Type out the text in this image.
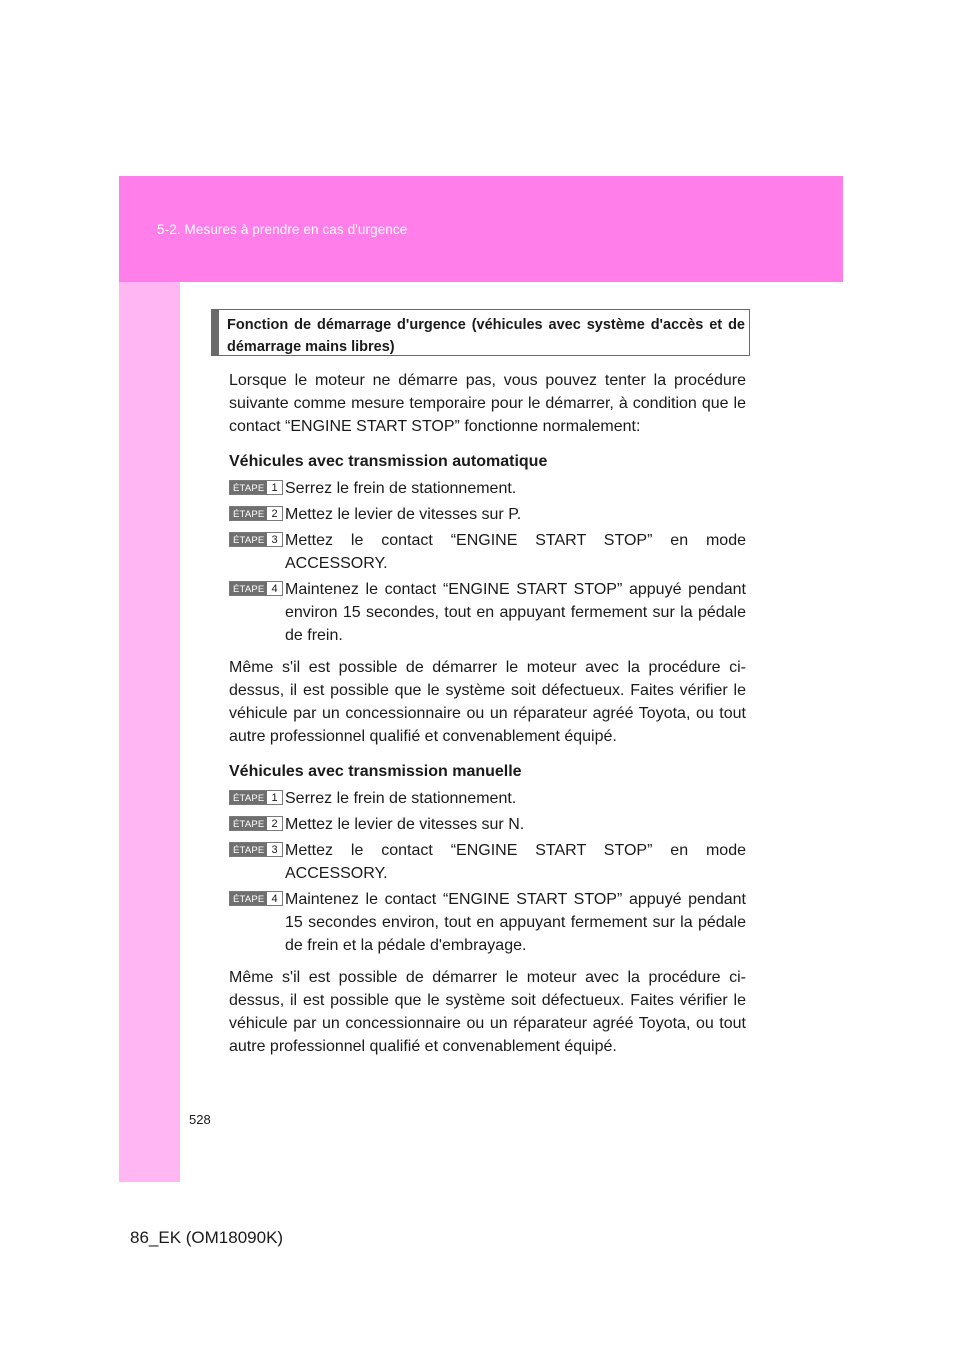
5-2. Mesures à prendre en cas d'urgence
Fonction de démarrage d'urgence (véhicules avec système d'accès et de démarrage mains libres)

Lorsque le moteur ne démarre pas, vous pouvez tenter la procédure suivante comme mesure temporaire pour le démarrer, à condition que le contact “ENGINE START STOP” fonctionne normalement:

Véhicules avec transmission automatique

ÉTAPE 1 Serrez le frein de stationnement.
ÉTAPE 2 Mettez le levier de vitesses sur P.
ÉTAPE 3 Mettez le contact “ENGINE START STOP” en mode ACCESSORY.
ÉTAPE 4 Maintenez le contact “ENGINE START STOP” appuyé pendant environ 15 secondes, tout en appuyant fermement sur la pédale de frein.

Même s'il est possible de démarrer le moteur avec la procédure ci-dessus, il est possible que le système soit défectueux. Faites vérifier le véhicule par un concessionnaire ou un réparateur agréé Toyota, ou tout autre professionnel qualifié et convenablement équipé.

Véhicules avec transmission manuelle

ÉTAPE 1 Serrez le frein de stationnement.
ÉTAPE 2 Mettez le levier de vitesses sur N.
ÉTAPE 3 Mettez le contact “ENGINE START STOP” en mode ACCESSORY.
ÉTAPE 4 Maintenez le contact “ENGINE START STOP” appuyé pendant 15 secondes environ, tout en appuyant fermement sur la pédale de frein et la pédale d'embrayage.

Même s'il est possible de démarrer le moteur avec la procédure ci-dessus, il est possible que le système soit défectueux. Faites vérifier le véhicule par un concessionnaire ou un réparateur agréé Toyota, ou tout autre professionnel qualifié et convenablement équipé.

528
86_EK (OM18090K)
